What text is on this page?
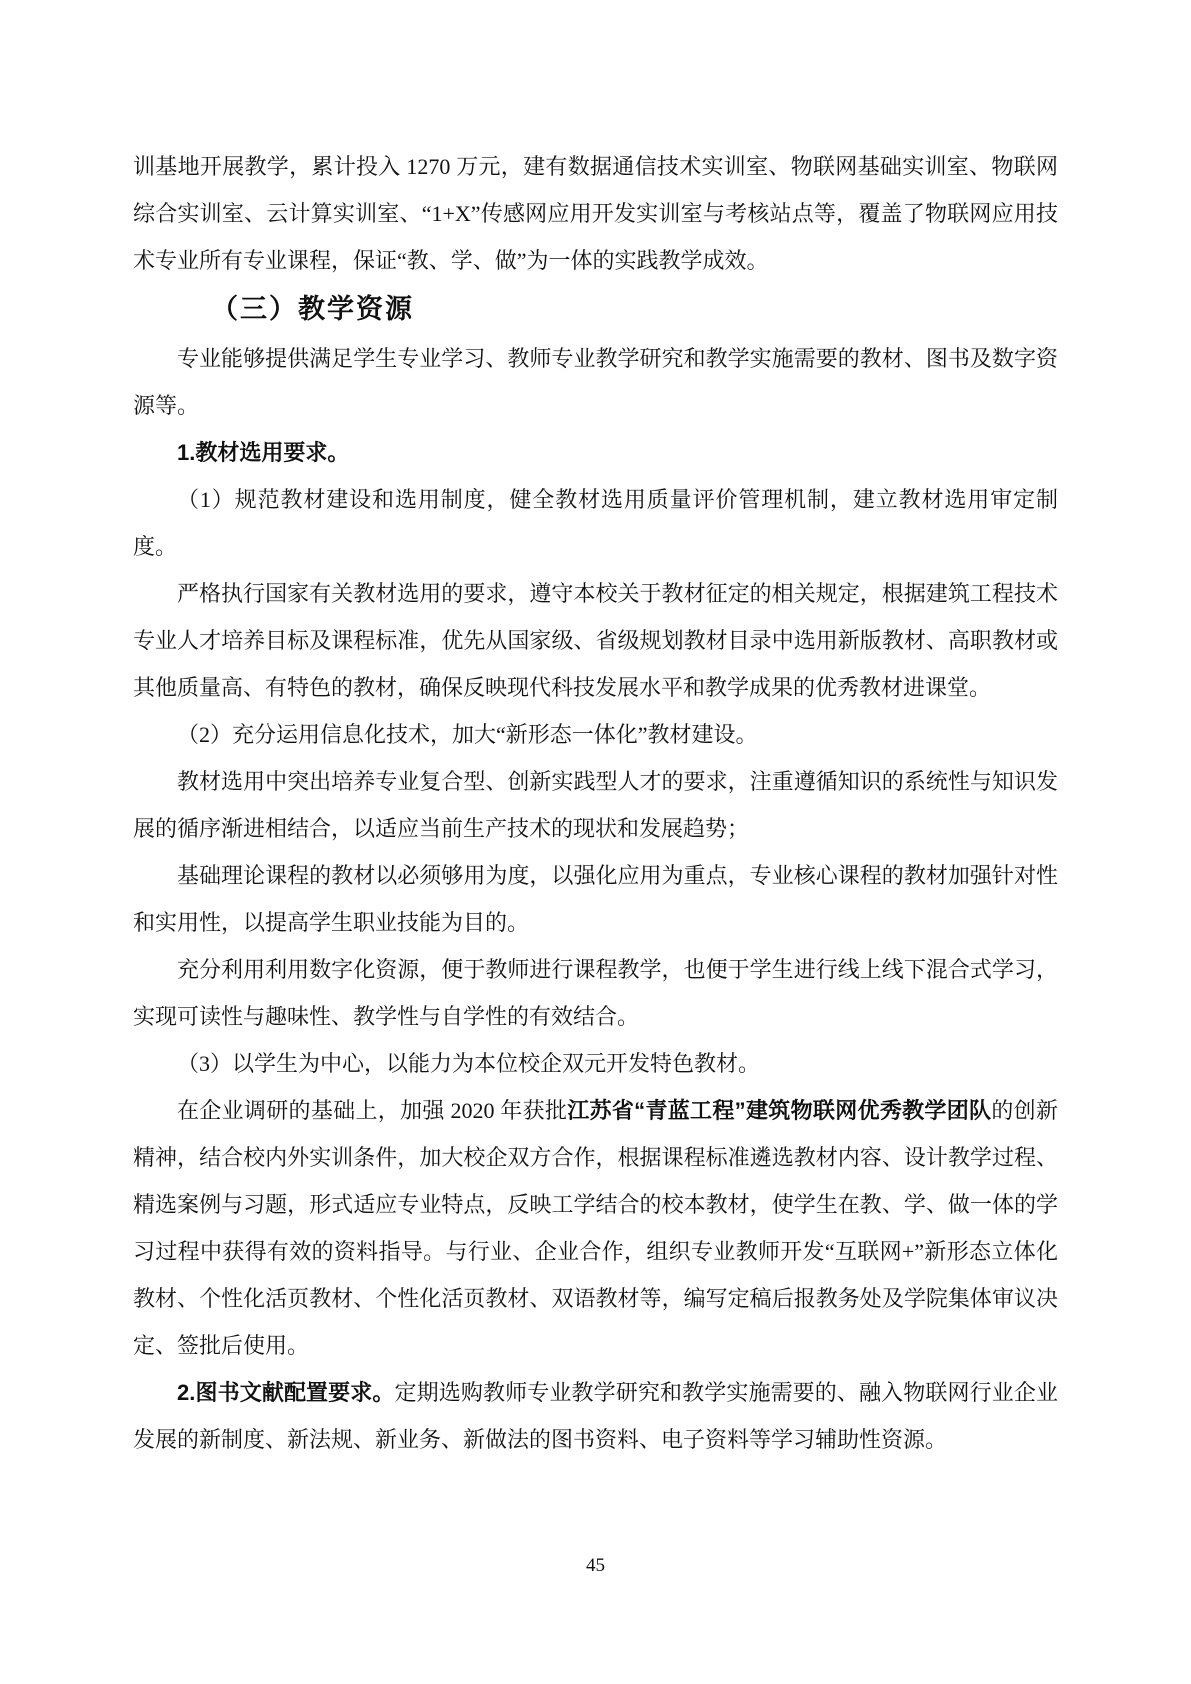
训基地开展教学，累计投入 1270 万元，建有数据通信技术实训室、物联网基础实训室、物联网综合实训室、云计算实训室、“1+X”传感网应用开发实训室与考核站点等，覆盖了物联网应用技术专业所有专业课程，保证“教、学、做”为一体的实践教学成效。

（三）教学资源

专业能够提供满足学生专业学习、教师专业教学研究和教学实施需要的教材、图书及数字资源等。

1.教材选用要求。

（1）规范教材建设和选用制度，健全教材选用质量评价管理机制，建立教材选用审定制度。

严格执行国家有关教材选用的要求，遵守本校关于教材征定的相关规定，根据建筑工程技术专业人才培养目标及课程标准，优先从国家级、省级规划教材目录中选用新版教材、高职教材或其他质量高、有特色的教材，确保反映现代科技发展水平和教学成果的优秀教材进课堂。

（2）充分运用信息化技术，加大“新形态一体化”教材建设。

教材选用中突出培养专业复合型、创新实践型人才的要求，注重遵循知识的系统性与知识发展的循序渐进相结合，以适应当前生产技术的现状和发展趋势；

基础理论课程的教材以必须够用为度，以强化应用为重点，专业核心课程的教材加强针对性和实用性，以提高学生职业技能为目的。

充分利用利用数字化资源，便于教师进行课程教学，也便于学生进行线上线下混合式学习，实现可读性与趣味性、教学性与自学性的有效结合。

（3）以学生为中心，以能力为本位校企双元开发特色教材。

在企业调研的基础上，加强 2020 年获批江苏省“青蓝工程”建筑物联网优秀教学团队的创新精神，结合校内外实训条件，加大校企双方合作，根据课程标准遴选教材内容、设计教学过程、精选案例与习题，形式适应专业特点，反映工学结合的校本教材，使学生在教、学、做一体的学习过程中获得有效的资料指导。与行业、企业合作，组织专业教师开发“互联网+”新形态立体化教材、个性化活页教材、个性化活页教材、双语教材等，编写定稿后报教务处及学院集体审议决定、签批后使用。

2.图书文献配置要求。定期选购教师专业教学研究和教学实施需要的、融入物联网行业企业发展的新制度、新法规、新业务、新做法的图书资料、电子资料等学习辅助性资源。

45
